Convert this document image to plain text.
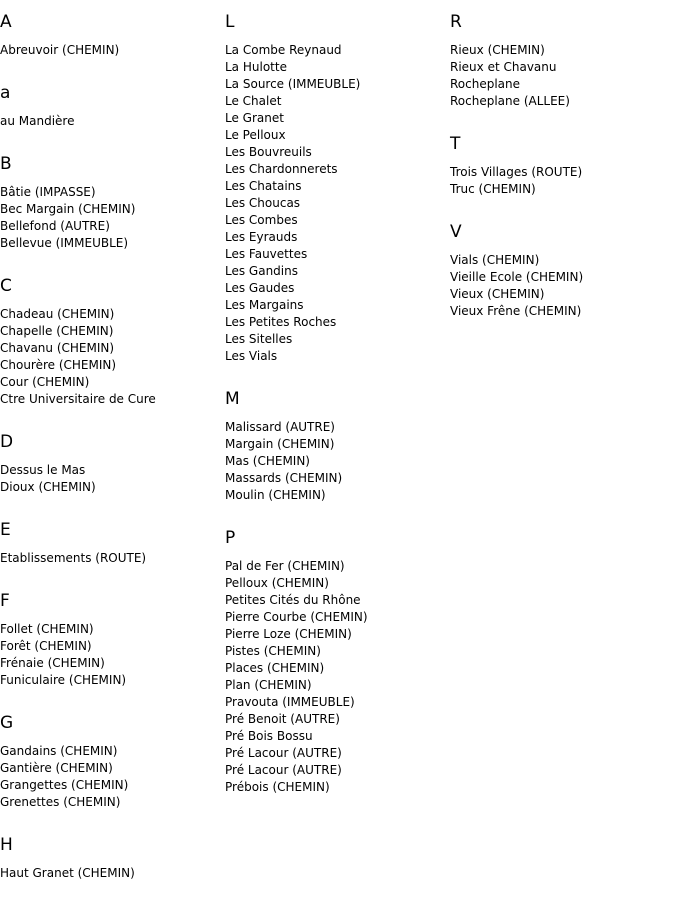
A
Abreuvoir (CHEMIN)
a
au Mandière
B
Bâtie (IMPASSE)
Bec Margain (CHEMIN)
Bellefond (AUTRE)
Bellevue (IMMEUBLE)
C
Chadeau (CHEMIN)
Chapelle (CHEMIN)
Chavanu (CHEMIN)
Chourère (CHEMIN)
Cour (CHEMIN)
Ctre Universitaire de Cure
D
Dessus le Mas
Dioux (CHEMIN)
E
Etablissements (ROUTE)
F
Follet (CHEMIN)
Forêt (CHEMIN)
Frénaie (CHEMIN)
Funiculaire (CHEMIN)
G
Gandains (CHEMIN)
Gantière (CHEMIN)
Grangettes (CHEMIN)
Grenettes (CHEMIN)
H
Haut Granet (CHEMIN)
L
La Combe Reynaud
La Hulotte
La Source (IMMEUBLE)
Le Chalet
Le Granet
Le Pelloux
Les Bouvreuils
Les Chardonnerets
Les Chatains
Les Choucas
Les Combes
Les Eyrauds
Les Fauvettes
Les Gandins
Les Gaudes
Les Margains
Les Petites Roches
Les Sitelles
Les Vials
M
Malissard (AUTRE)
Margain (CHEMIN)
Mas (CHEMIN)
Massards (CHEMIN)
Moulin (CHEMIN)
P
Pal de Fer (CHEMIN)
Pelloux (CHEMIN)
Petites Cités du Rhône
Pierre Courbe (CHEMIN)
Pierre Loze (CHEMIN)
Pistes (CHEMIN)
Places (CHEMIN)
Plan (CHEMIN)
Pravouta (IMMEUBLE)
Pré Benoit (AUTRE)
Pré Bois Bossu
Pré Lacour (AUTRE)
Pré Lacour (AUTRE)
Prébois (CHEMIN)
R
Rieux (CHEMIN)
Rieux et Chavanu
Rocheplane
Rocheplane (ALLEE)
T
Trois Villages (ROUTE)
Truc (CHEMIN)
V
Vials (CHEMIN)
Vieille Ecole (CHEMIN)
Vieux (CHEMIN)
Vieux Frêne (CHEMIN)
